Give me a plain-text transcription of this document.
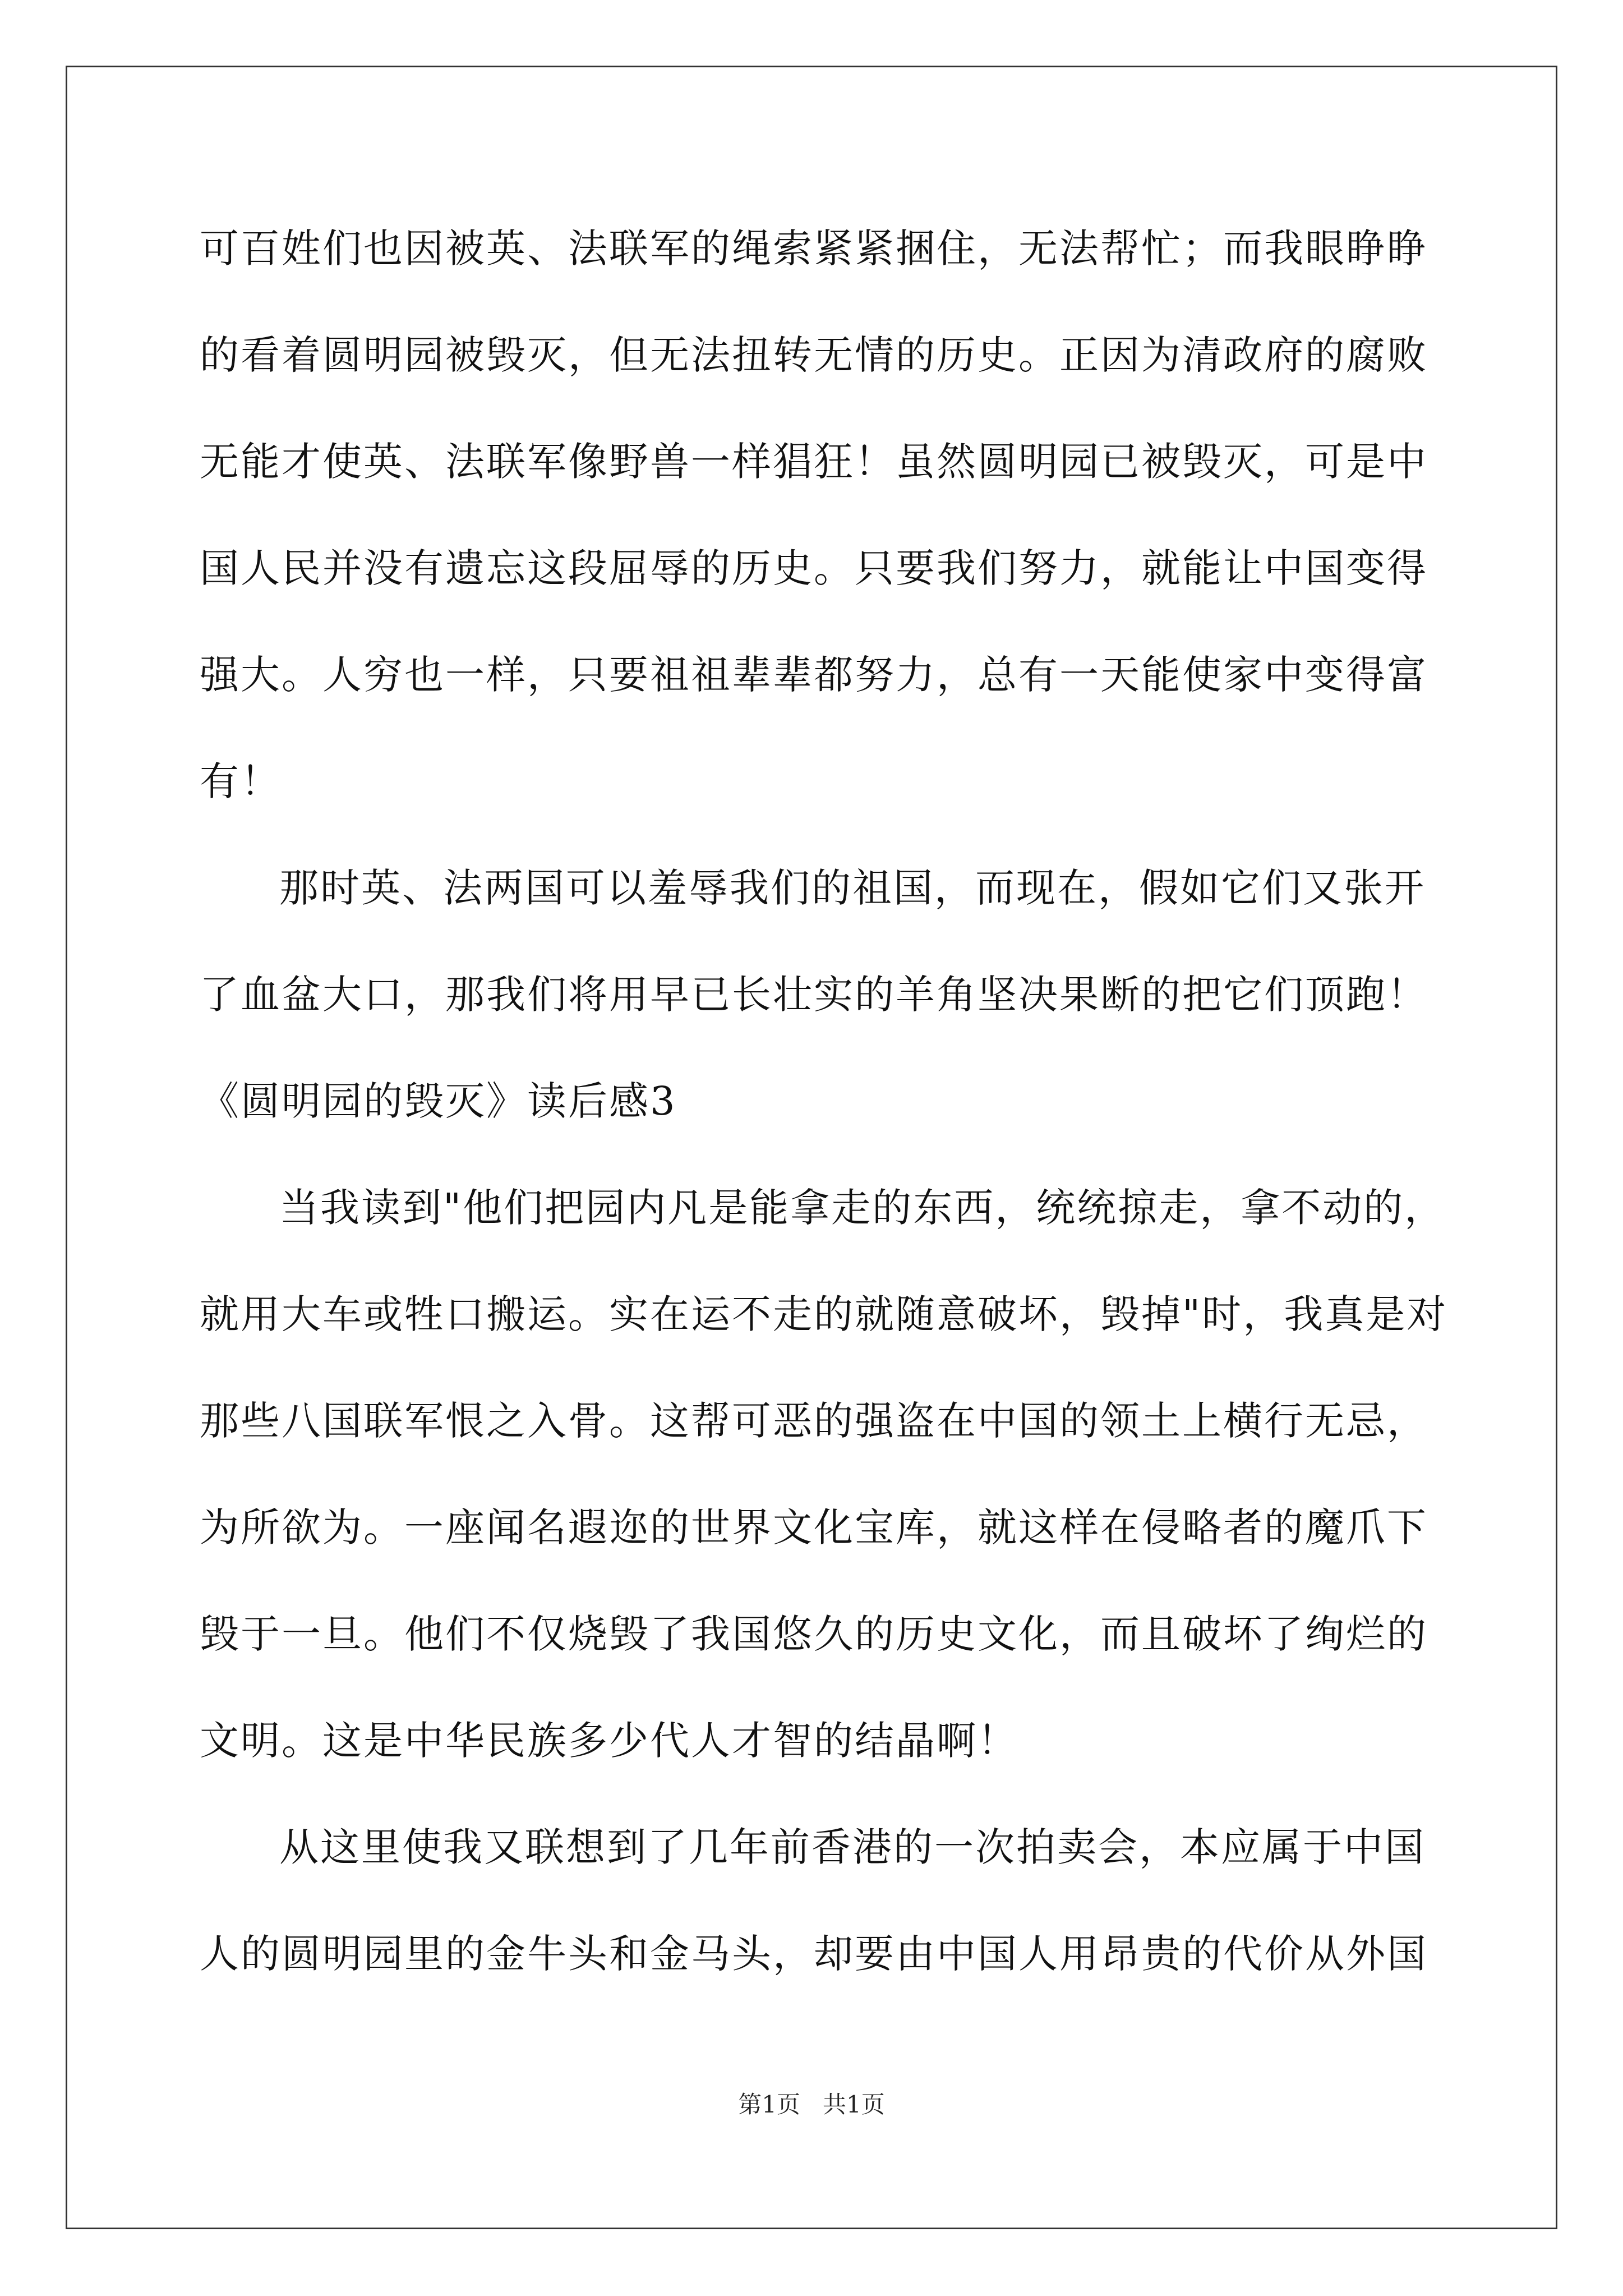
可百姓们也因被英、法联军的绳索紧紧捆住，无法帮忙；而我眼睁睁
的看着圆明园被毁灭，但无法扭转无情的历史。正因为清政府的腐败
无能才使英、法联军像野兽一样猖狂！虽然圆明园已被毁灭，可是中
国人民并没有遗忘这段屈辱的历史。只要我们努力，就能让中国变得
强大。人穷也一样，只要祖祖辈辈都努力，总有一天能使家中变得富
有！
那时英、法两国可以羞辱我们的祖国，而现在，假如它们又张开
了血盆大口，那我们将用早已长壮实的羊角坚决果断的把它们顶跑！
《圆明园的毁灭》读后感3
当我读到"他们把园内凡是能拿走的东西，统统掠走，拿不动的，
就用大车或牲口搬运。实在运不走的就随意破坏，毁掉"时，我真是对
那些八国联军恨之入骨。这帮可恶的强盗在中国的领土上横行无忌，
为所欲为。一座闻名遐迩的世界文化宝库，就这样在侵略者的魔爪下
毁于一旦。他们不仅烧毁了我国悠久的历史文化，而且破坏了绚烂的
文明。这是中华民族多少代人才智的结晶啊！
从这里使我又联想到了几年前香港的一次拍卖会，本应属于中国
人的圆明园里的金牛头和金马头，却要由中国人用昂贵的代价从外国
第1页   共1页
